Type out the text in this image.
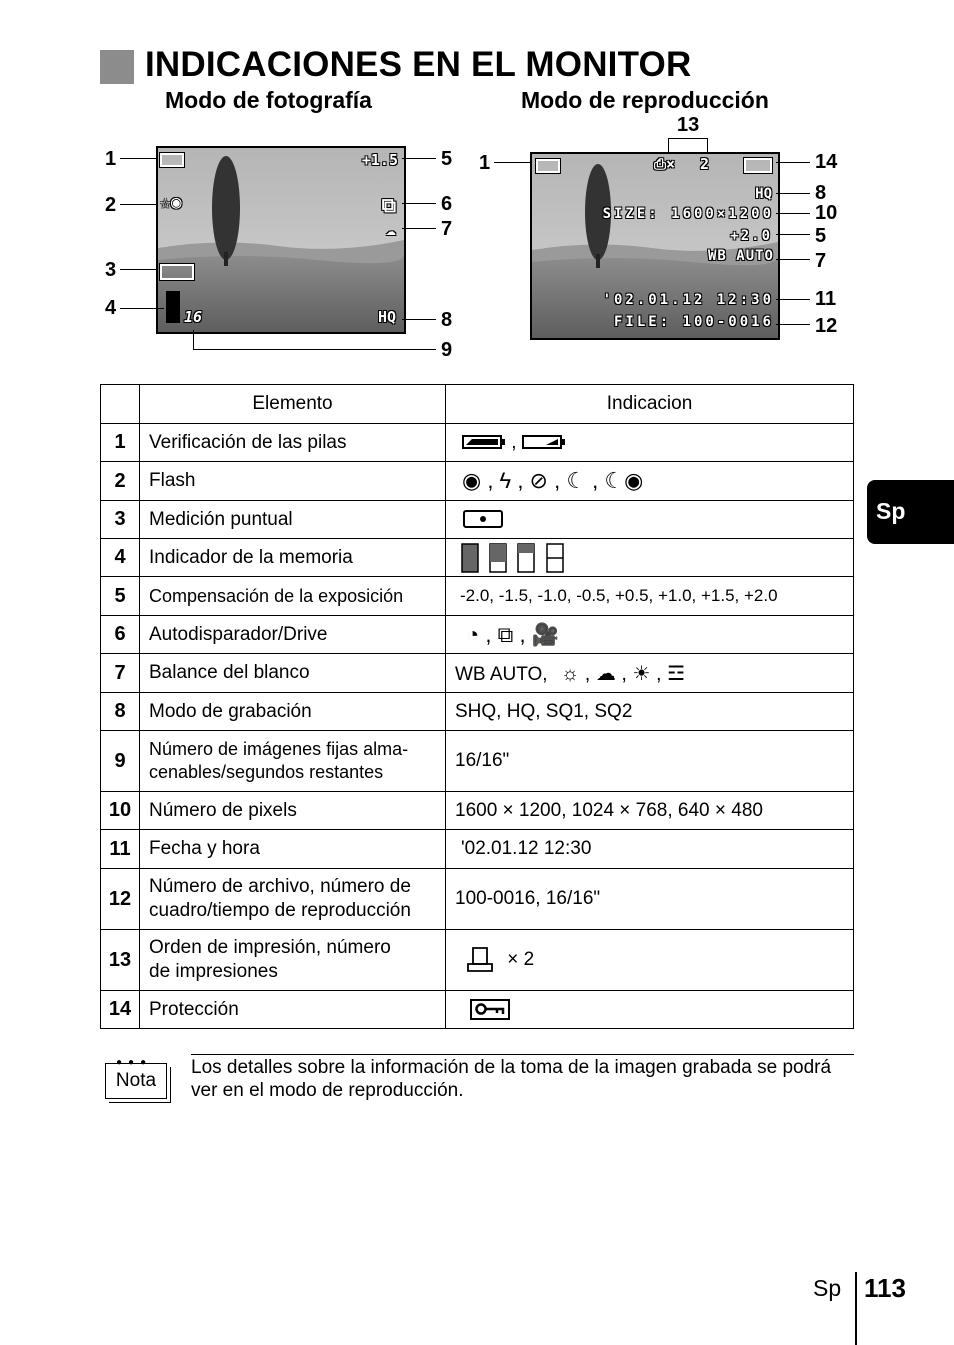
INDICACIONES EN EL MONITOR
Modo de fotografía	Modo de reproducción
+1.5
☆◉	⧉
☁
16	HQ
1
2
3
4
5
6
7
8
9
⎙× 2
HQ
SIZE: 1600×1200
+2.0
WB AUTO
'02.01.12 12:30
FILE: 100-0016
1
13
14
8
10
5
7
11
12
	Elemento	Indicacion
1	Verificación de las pilas	,
2	Flash	◉ , ϟ , ⊘ , ☾ , ☾◉
3	Medición puntual	
4	Indicador de la memoria	
5	Compensación de la exposición	-2.0, -1.5, -1.0, -0.5, +0.5, +1.0, +1.5, +2.0
6	Autodisparador/Drive	◔ , ⧉ , 🎥
7	Balance del blanco	WB AUTO, ☼ , ☁ , ☀ , ☲
8	Modo de grabación	SHQ, HQ, SQ1, SQ2
9	Número de imágenes fijas alma-
cenables/segundos restantes	16/16"
10	Número de pixels	1600 × 1200, 1024 × 768, 640 × 480
11	Fecha y hora	'02.01.12 12:30
12	Número de archivo, número de
cuadro/tiempo de reproducción	100-0016, 16/16"
13	Orden de impresión, número
de impresiones	× 2
14	Protección	
Sp
●●●
Nota
Los detalles sobre la información de la toma de la imagen grabada se podrá ver en el modo de reproducción.
Sp 113
